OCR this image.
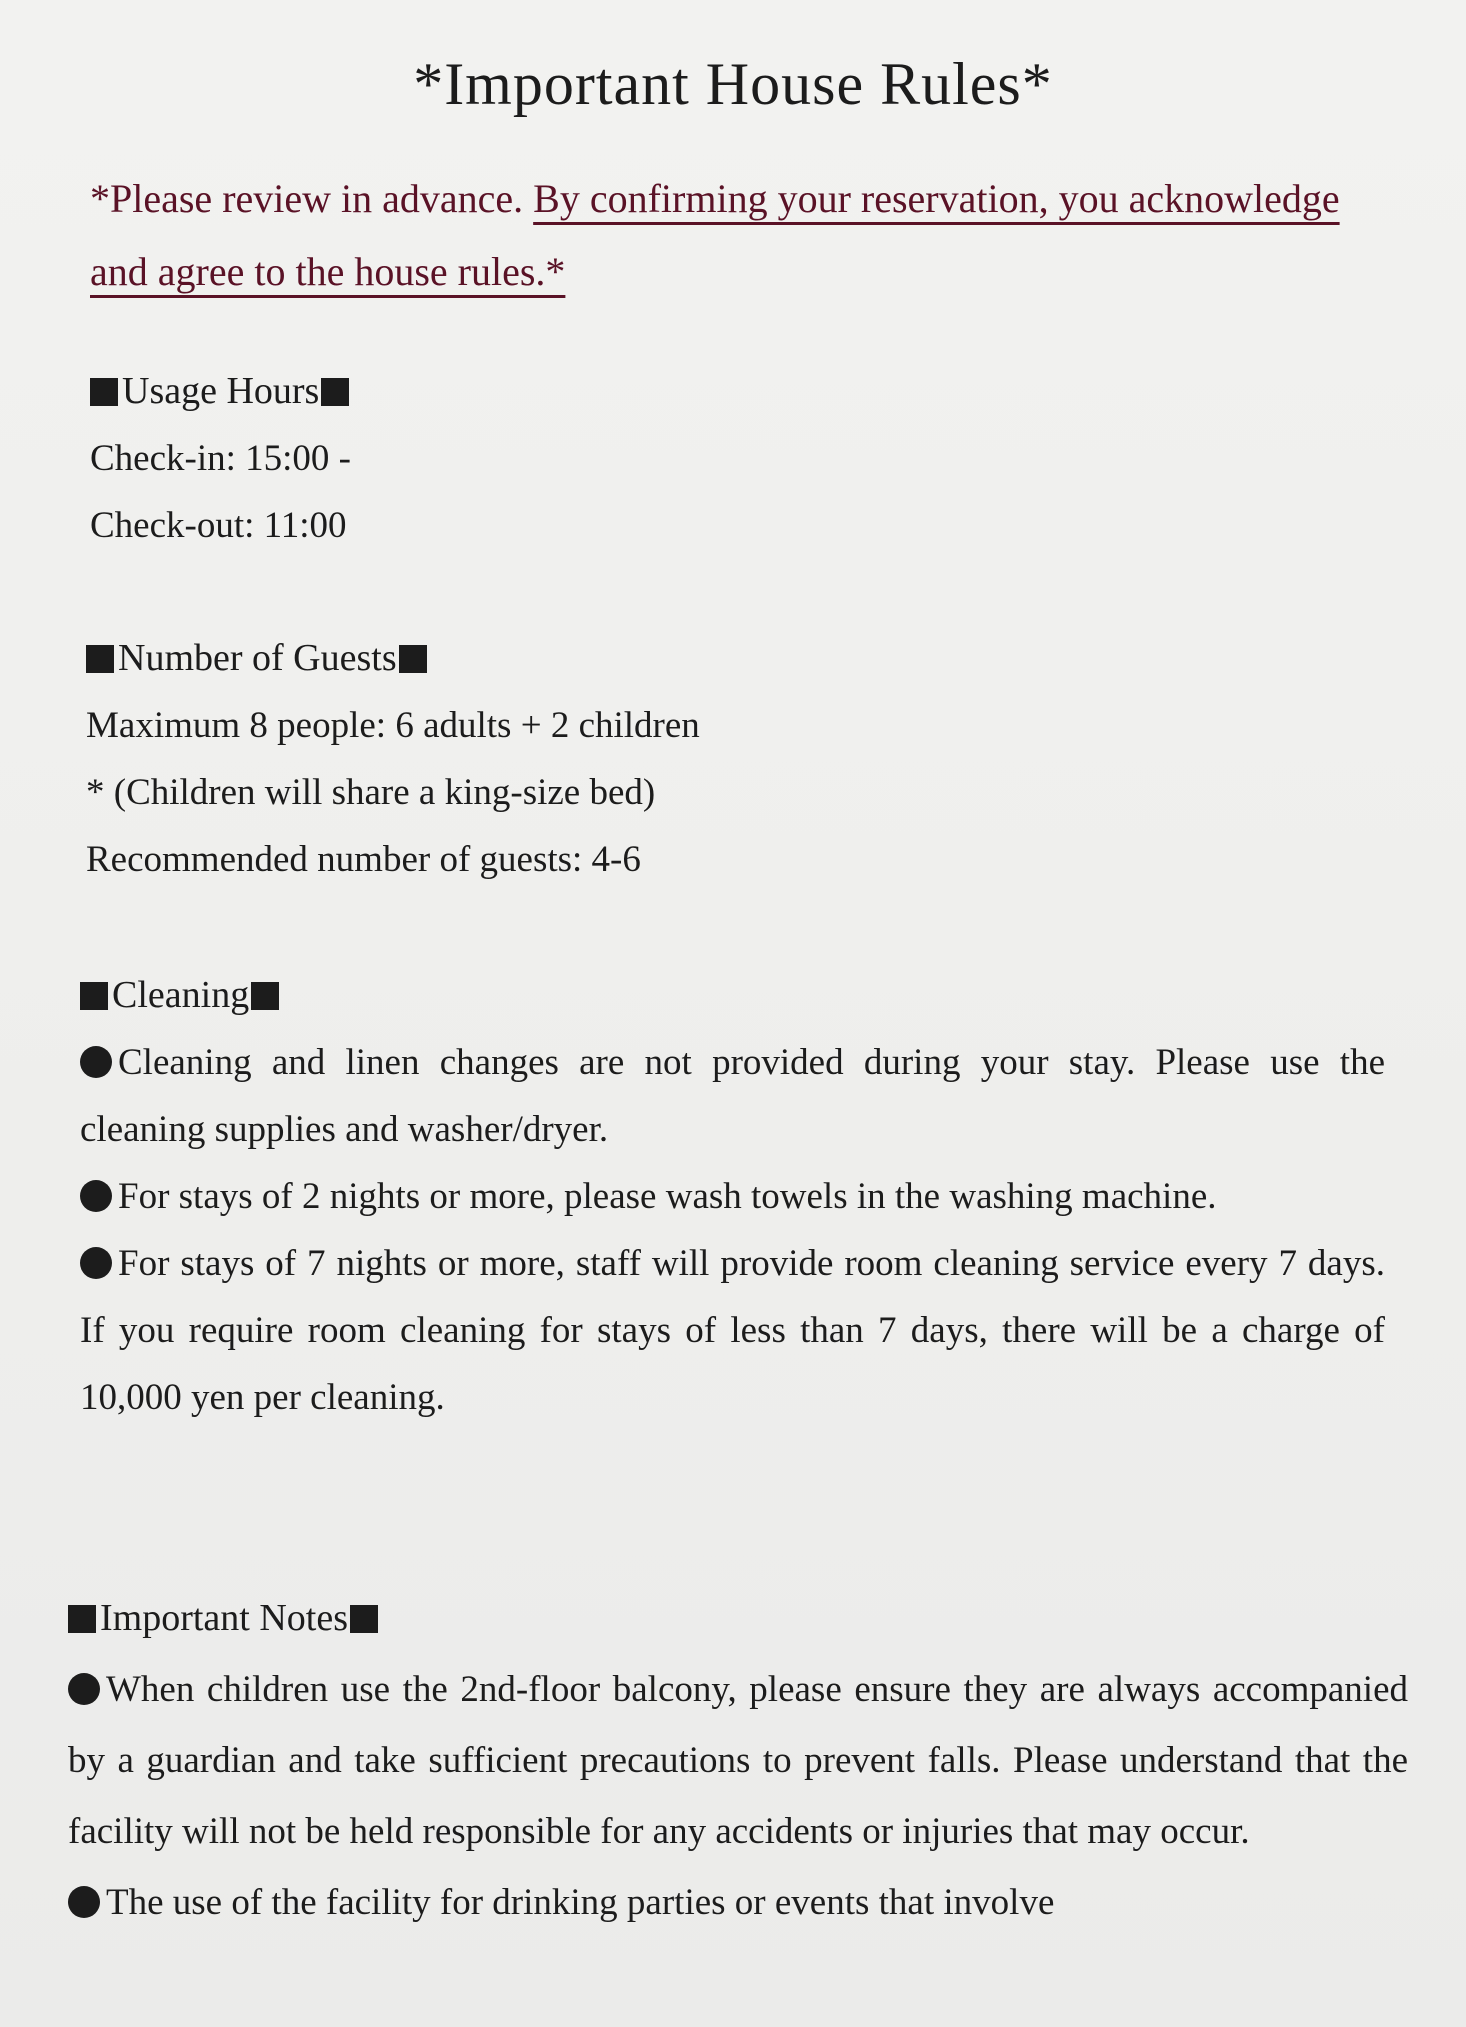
*Important House Rules*
*Please review in advance. By confirming your reservation, you acknowledge and agree to the house rules.*
Usage Hours
Check-in: 15:00 -
Check-out: 11:00
Number of Guests
Maximum 8 people: 6 adults + 2 children
* (Children will share a king-size bed)
Recommended number of guests: 4-6
Cleaning
Cleaning and linen changes are not provided during your stay. Please use the cleaning supplies and washer/dryer.
For stays of 2 nights or more, please wash towels in the washing machine.
For stays of 7 nights or more, staff will provide room cleaning service every 7 days. If you require room cleaning for stays of less than 7 days, there will be a charge of 10,000 yen per cleaning.
Important Notes
When children use the 2nd-floor balcony, please ensure they are always accompanied by a guardian and take sufficient precautions to prevent falls. Please understand that the facility will not be held responsible for any accidents or injuries that may occur.
The use of the facility for drinking parties or events that involve
